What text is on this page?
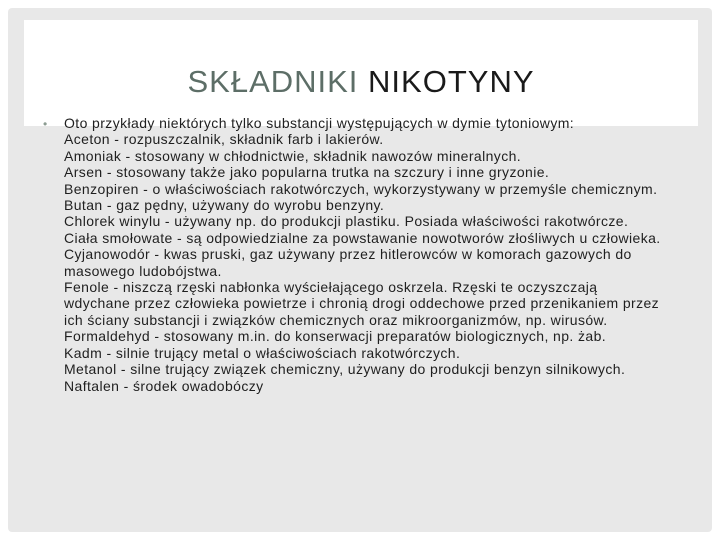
SKŁADNIKI NIKOTYNY
•	Oto przykłady niektórych tylko substancji występujących w dymie tytoniowym:
Aceton - rozpuszczalnik, składnik farb i lakierów.
Amoniak - stosowany w chłodnictwie, składnik nawozów mineralnych.
Arsen - stosowany także jako popularna trutka na szczury i inne gryzonie.
Benzopiren - o właściwościach rakotwórczych, wykorzystywany w przemyśle chemicznym.
Butan - gaz pędny, używany do wyrobu benzyny.
Chlorek winylu - używany np. do produkcji plastiku. Posiada właściwości rakotwórcze.
Ciała smołowate - są odpowiedzialne za powstawanie nowotworów złośliwych u człowieka. Cyjanowodór - kwas pruski, gaz używany przez hitlerowców w komorach gazowych do masowego ludobójstwa.
Fenole - niszczą rzęski nabłonka wyściełającego oskrzela. Rzęski te oczyszczają wdychane przez człowieka powietrze i chronią drogi oddechowe przed przenikaniem przez ich ściany substancji i związków chemicznych oraz mikroorganizmów, np. wirusów.
Formaldehyd - stosowany m.in. do konserwacji preparatów biologicznych, np. żab.
Kadm - silnie trujący metal o właściwościach rakotwórczych.
Metanol - silne trujący związek chemiczny, używany do produkcji benzyn silnikowych.
Naftalen - środek owadobóczy
